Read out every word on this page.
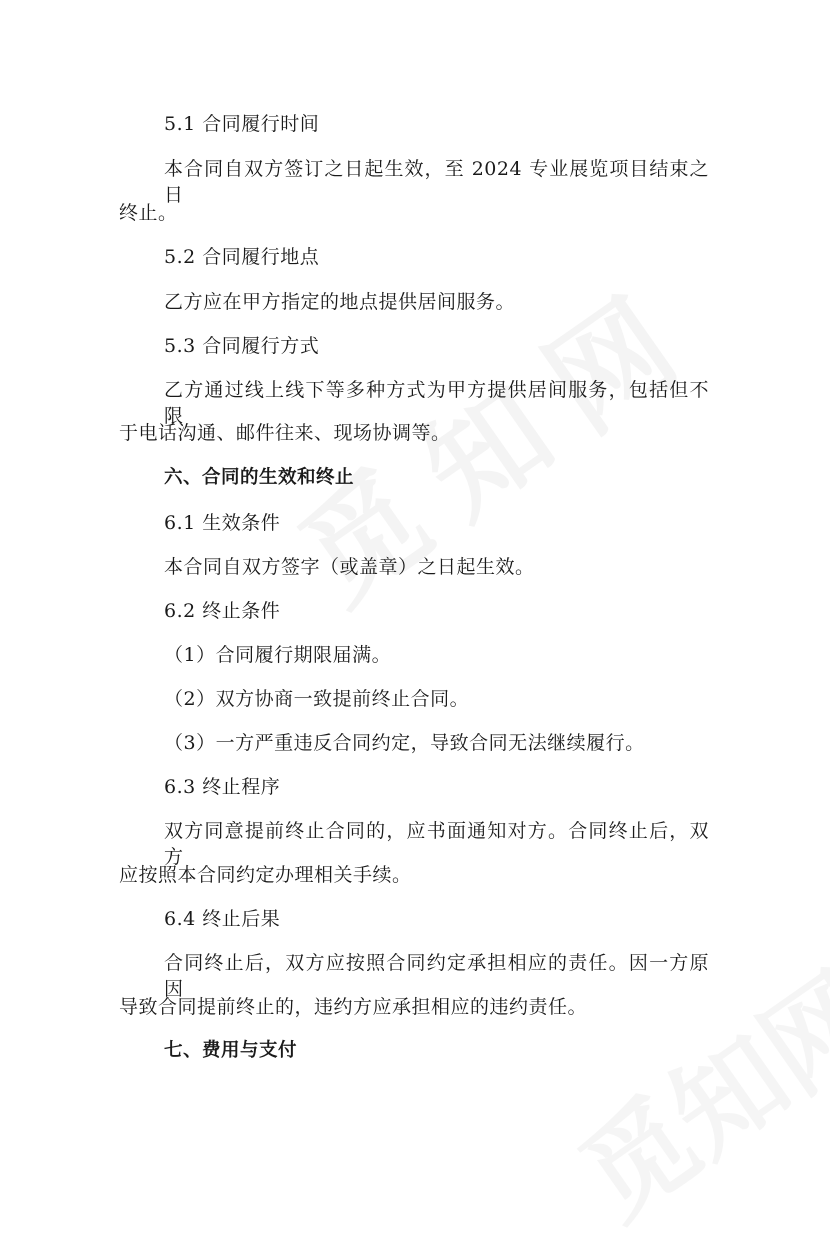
5.1 合同履行时间
本合同自双方签订之日起生效，至 2024 专业展览项目结束之日
终止。
5.2 合同履行地点
乙方应在甲方指定的地点提供居间服务。
5.3 合同履行方式
乙方通过线上线下等多种方式为甲方提供居间服务，包括但不限
于电话沟通、邮件往来、现场协调等。
六、合同的生效和终止
6.1 生效条件
本合同自双方签字（或盖章）之日起生效。
6.2 终止条件
（1）合同履行期限届满。
（2）双方协商一致提前终止合同。
（3）一方严重违反合同约定，导致合同无法继续履行。
6.3 终止程序
双方同意提前终止合同的，应书面通知对方。合同终止后，双方
应按照本合同约定办理相关手续。
6.4 终止后果
合同终止后，双方应按照合同约定承担相应的责任。因一方原因
导致合同提前终止的，违约方应承担相应的违约责任。
七、费用与支付
